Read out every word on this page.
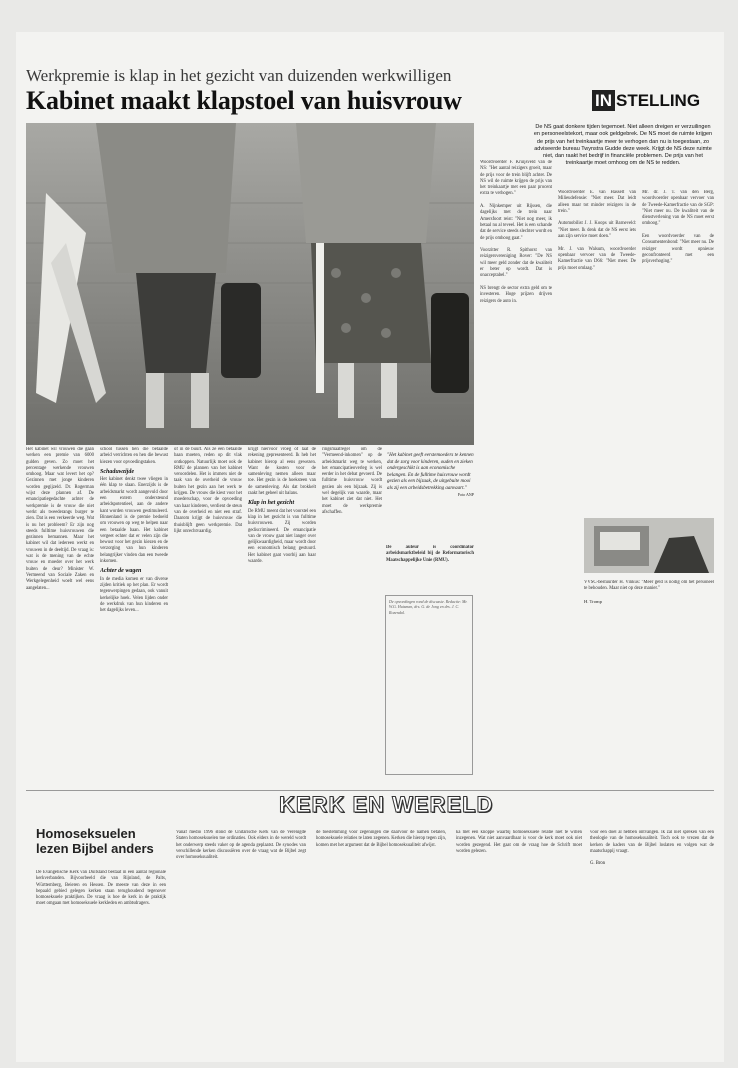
Werkpremie is klap in het gezicht van duizenden werkwilligen
Kabinet maakt klapstoel van huisvrouw	IN STELLING
De NS gaat donkere tijden tegemoet. Niet alleen dreigen er verzuilingen en personeelstekort, maar ook geldgebrek. De NS moet de ruimte krijgen de prijs van het treinkaartje meer te verhogen dan nu is toegestaan, zo adviseerde bureau Twynstra Gudde deze week. Krijgt de NS deze ruimte niet, dan raakt het bedrijf in financiële problemen. De prijs van het treinkaartje moet omhoog om de NS te redden.
Het kabinet wil vrouwen die gaan werken een premie van 6000 gulden geven. Zo moet het percentage werkende vrouwen omhoog. Maar wat levert het op? Gezinnen met jonge kinderen worden gegijzeld. Dr. Rogerman wijst deze plannen af. De emancipatiegedachte achter de werkpremie is de vrouw die niet werkt als tweederangs burger te zien. Dat is een verkeerde weg. Wat is nu het probleem? Er zijn nog steeds fulltime huisvrouwen die gezinnen bemannen. Maar het kabinet wil dat iedereen werkt en vrouwen in de deeltijd. De vraag is: wat is de mening van de echte vrouw en moeder over het werk buiten de deur? Minister W. Vermeend van Sociale Zaken en Werkgelegenheid woelt wel eens aangelaten...
school tussen hen die betaalde arbeid verrichten en hen die bewust kiezen voor opvoedingstaken.
Schaduwzijde
Het kabinet denkt twee vliegen in één klap te slaan. Enerzijds is de arbeidsmarkt wordt aangevuld door een extern ondersteund arbeidspotentieel, aan de andere kant worden vrouwen gestimuleerd. Binnenland is de premie bedoeld om vrouwen op weg te helpen naar een betaalde baan. Het kabinet vergeet echter dat er velen zijn die bewust voor het gezin kiezen en de verzorging van hun kinderen belangrijker vinden dan een tweede inkomen.
Achter de wagen
In de media komen er van diverse zijden kritiek op het plan. Er wordt tegenwerpingen gedaan, ook vanuit kerkelijke hoek. Velen lijden onder de werkdruk van hun kinderen en het dagelijks leven...
of in de buurt. Als ze een betaalde baan moeten, reden op dit vlak ontkoppen. Natuurlijk moet ook de RMU de plannen van het kabinet veroordelen. Het is immers niet de taak van de overheid de vrouw buiten het gezin aan het werk te krijgen. De vrouw die kiest voor het moederschap, voor de opvoeding van haar kinderen, verdient de steun van de overheid en niet een straf. Daarom krijgt de huisvrouw die thuisblijft geen werkpremie. Dat lijkt onrechtvaardig.
krijgt hiervoor vroeg of laat de rekening gepresenteerd. Ik heb het kabinet hierop al eens gewezen. Want de kosten voor de samenleving nemen alleen maar toe. Het gezin is de hoeksteen van de samenleving. Als dat brokkelt raakt het geheel uit balans.
Klap in het gezicht
De RMU meent dat het voorstel een klap in het gezicht is van fulltime huisvrouwen. Zij worden gediscrimineerd. De emancipatie van de vrouw gaat niet langer over gelijkwaardigheid, maar wordt door een economisch belang gestuurd. Het kabinet gaat voorbij aan haar waarde.
ringsmaatregel om de "Vermeend-inkomen" op de arbeidsmarkt weg te werken, het emancipatieoverleg is wel eerder in het debat gevoerd. De fulltime huisvrouw wordt gezien als een bijzaak. Zij is wel degelijk van waarde, maar het kabinet ziet dat niet. Het moet de werkpremie afschaffen.
"Het kabinet geeft eerstemoeders te kennen dat de zorg voor kinderen, ouden en zieken ondergeschikt is aan economische belangen. En de fulltime huisvrouw wordt gezien als een bijzaak, de uitgebuite mooi als zij een arbeidsbetrekking aanvaart."
Foto ANP
De auteur is coördinator arbeidsmarktbeleid bij de Reformatorisch Maatschappelijke Unie (RMU).
De opvoedingen rond de discussie. Redactie: Mr. W.G. Huisman, drs. G. de Jong en drs. J. C. Rozendal.

Woordvoerder F. Kruijsveld van de NS: "Het aantal reizigers groeit, maar de prijs voor de trein blijft achter. De NS wil de ruimte krijgen de prijs van het treinkaartje met een paar procent extra te verhogen."

A. Nijnkemper uit Rijssen, die dagelijks met de trein naar Amersfoort reist: "Niet nog meer, ik betaal nu al teveel. Het is een schande dat de service steeds slechter wordt en de prijs omhoog gaat."

Voorzitter R. Spithorst van reizigersvereniging Rover: "De NS wil meer geld zonder dat de kwaliteit er beter op wordt. Dat is onacceptabel."

NS brengt de sector extra geld om te investeren. Hoge prijzen drijven reizigers de auto in.

Woordvoerder E. van Hasselt van Milieudefensie: "Niet meer. Dat leidt alleen maar tot minder reizigers in de trein."

Automobilist J. J. Koops uit Barneveld: "Niet meer. Ik denk dat de NS eerst iets aan zijn service moet doen."

Mr. J. van Walsum, woordvoerder openbaar vervoer van de Tweede-Kamerfractie van D66: "Niet meer. De prijs moet omlaag."

Mr. dr. J. T. van den Berg, woordvoerder openbaar vervoer van de Tweede-Kamerfractie van de SGP: "Niet meer nu. De kwaliteit van de dienstverlening van de NS moet eerst omhoog."

Een woordvoerder van de Consumentenbond: "Niet meer nu. De reiziger wordt opnieuw geconfronteerd met een prijsverhoging."

VVSC-bestuurder H. Vinkus: "Meer geld is nodig om het personeel te behouden. Maar niet op deze manier."

H. Tromp
KERK EN WERELD
Homoseksuelen lezen Bijbel anders
De Evangelische Kerk van Duitsland bestaat in een aantal regionale kerkverbanden. Bijvoorbeeld die van Rijnland, de Palts, Württemberg, Beieren en Hessen. De meeste van deze in een bepaald gebied gelegen kerken staan terughoudend tegenover homoseksuele praktijken. De vraag is hoe de kerk in de praktijk moet omgaan met homoseksuele kerkleden en ambtsdragers.
Vanaf medio 1996 stond de Unitarische Kerk van de Verenigde Staten homoseksuelen toe ordinaties. Ook elders in de wereld wordt het onderwerp steeds vaker op de agenda geplaatst. De synodes van verschillende kerken discussiëren over de vraag wat de Bijbel zegt over homoseksualiteit.
de toestemming voor zegeningen die daarvoor de namen betalen, homoseksuele relaties te laten zegenen. Kerken die hierop tegen zijn, komen met het argument dat de Bijbel homoseksualiteit afwijst.
ka met een knoppe waarbij homoseksuele relatie niet te willen inzegenen. Wat niet aanvaardbaar is voor de kerk moet ook niet worden gezegend. Het gaat om de vraag hoe de Schrift moet worden gelezen.
voor een doel al hebben ontvangen. Ik zal niet spreken van een theologie van de homoseksualiteit. Toch ook te vrezen dat de kerken de kaders van de Bijbel loslaten en volgen wat de maatschappij vraagt.
G. Bron
